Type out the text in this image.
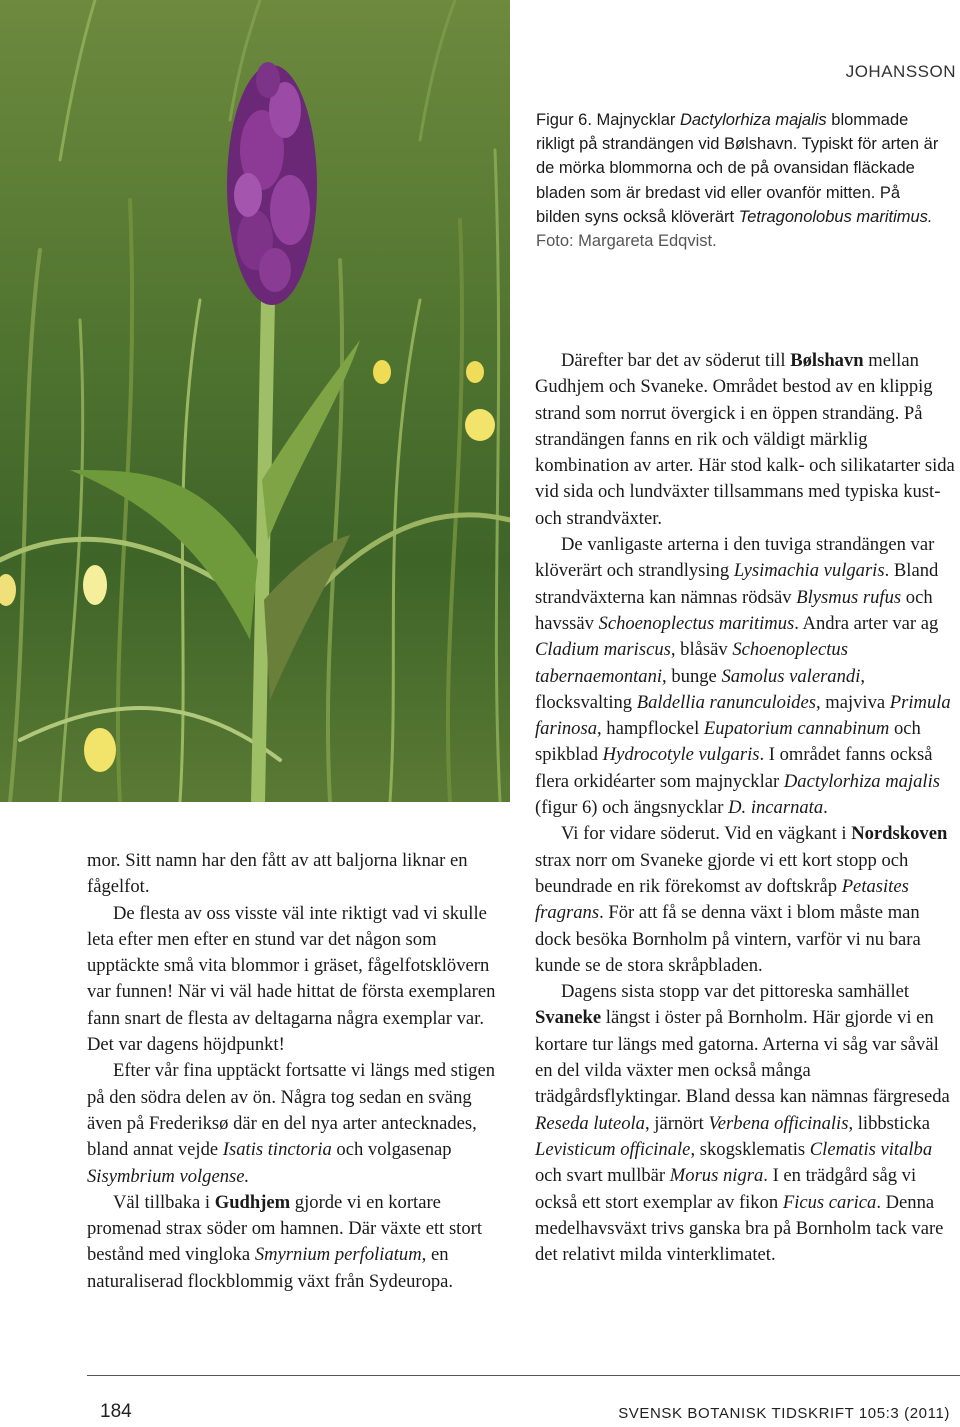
JOHANSSON
Figur 6. Majnycklar Dactylorhiza majalis blommade rikligt på strandängen vid Bølshavn. Typiskt för arten är de mörka blommorna och de på ovansidan fläckade bladen som är bredast vid eller ovanför mitten. På bilden syns också klöverärt Tetragonolobus maritimus. Foto: Margareta Edqvist.

mor. Sitt namn har den fått av att baljorna liknar en fågelfot.

De flesta av oss visste väl inte riktigt vad vi skulle leta efter men efter en stund var det någon som upptäckte små vita blommor i gräset, fågelfotsklövern var funnen! När vi väl hade hittat de första exemplaren fann snart de flesta av deltagarna några exemplar var. Det var dagens höjdpunkt!

Efter vår fina upptäckt fortsatte vi längs med stigen på den södra delen av ön. Några tog sedan en sväng även på Frederiksø där en del nya arter antecknades, bland annat vejde Isatis tinctoria och volgasenap Sisymbrium volgense.

Väl tillbaka i Gudhjem gjorde vi en kortare promenad strax söder om hamnen. Där växte ett stort bestånd med vingloka Smyrnium perfoliatum, en naturaliserad flockblommig växt från Sydeuropa.

Därefter bar det av söderut till Bølshavn mellan Gudhjem och Svaneke. Området bestod av en klippig strand som norrut övergick i en öppen strandäng. På strandängen fanns en rik och väldigt märklig kombination av arter. Här stod kalk- och silikatarter sida vid sida och lundväxter tillsammans med typiska kust- och strandväxter.

De vanligaste arterna i den tuviga strandängen var klöverärt och strandlysing Lysimachia vulgaris. Bland strandväxterna kan nämnas rödsäv Blysmus rufus och havssäv Schoenoplectus maritimus. Andra arter var ag Cladium mariscus, blåsäv Schoenoplectus tabernaemontani, bunge Samolus valerandi, flocksvalting Baldellia ranunculoides, majviva Primula farinosa, hampflockel Eupatorium cannabinum och spikblad Hydrocotyle vulgaris. I området fanns också flera orkidéarter som majnycklar Dactylorhiza majalis (figur 6) och ängsnycklar D. incarnata.

Vi for vidare söderut. Vid en vägkant i Nordskoven strax norr om Svaneke gjorde vi ett kort stopp och beundrade en rik förekomst av doftskråp Petasites fragrans. För att få se denna växt i blom måste man dock besöka Bornholm på vintern, varför vi nu bara kunde se de stora skråpbladen.

Dagens sista stopp var det pittoreska samhället Svaneke längst i öster på Bornholm. Här gjorde vi en kortare tur längs med gatorna. Arterna vi såg var såväl en del vilda växter men också många trädgårdsflyktingar. Bland dessa kan nämnas färgreseda Reseda luteola, järnört Verbena officinalis, libbsticka Levisticum officinale, skogsklematis Clematis vitalba och svart mullbär Morus nigra. I en trädgård såg vi också ett stort exemplar av fikon Ficus carica. Denna medelhavsväxt trivs ganska bra på Bornholm tack vare det relativt milda vinterklimatet.

184	SVENSK BOTANISK TIDSKRIFT 105:3 (2011)
